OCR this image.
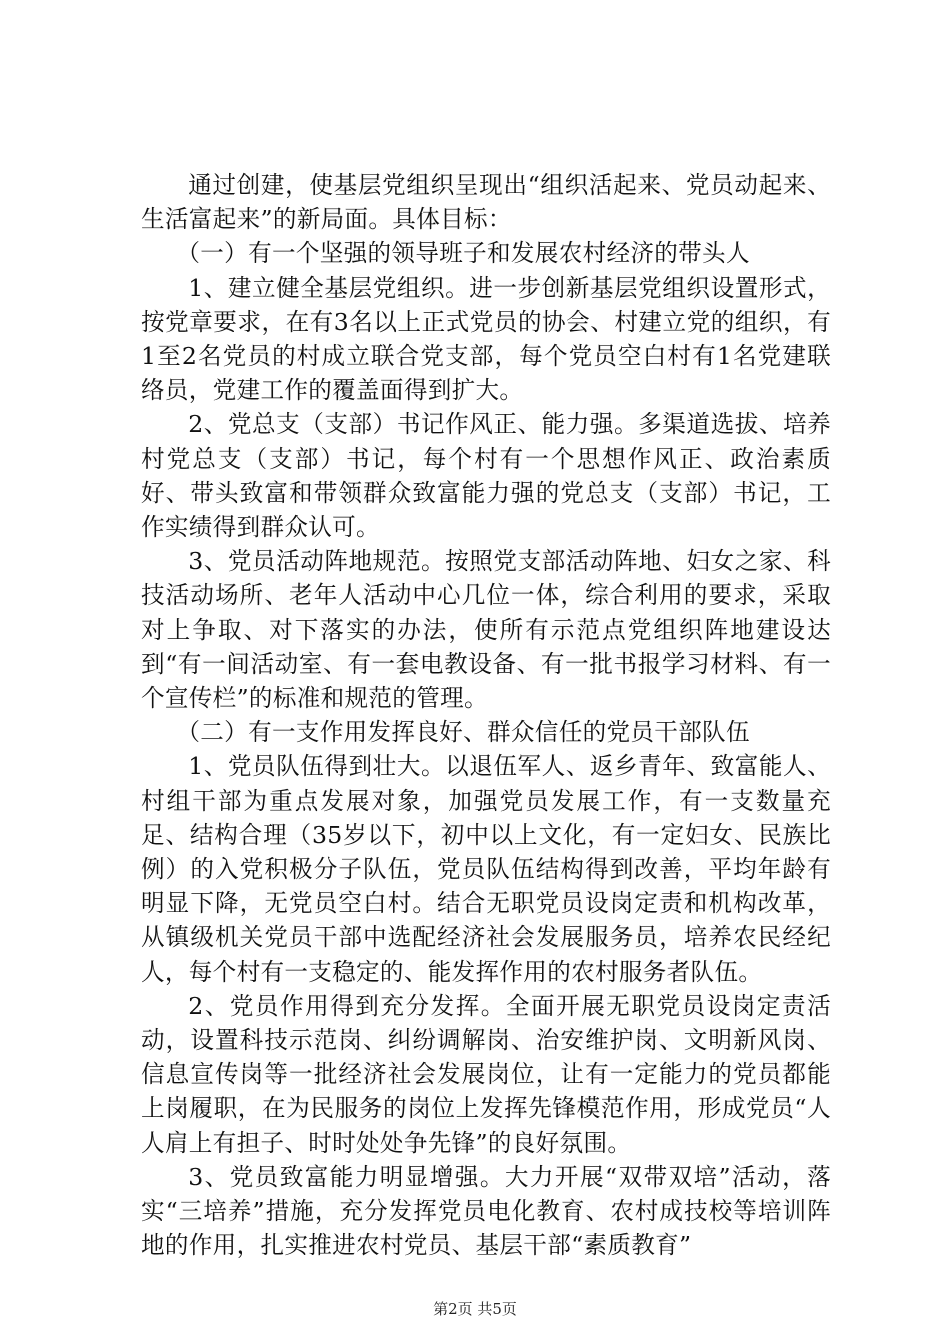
通过创建，使基层党组织呈现出“组织活起来、党员动起来、生活富起来”的新局面。具体目标：

（一）有一个坚强的领导班子和发展农村经济的带头人

1、建立健全基层党组织。进一步创新基层党组织设置形式，按党章要求，在有3名以上正式党员的协会、村建立党的组织，有1至2名党员的村成立联合党支部，每个党员空白村有1名党建联络员，党建工作的覆盖面得到扩大。

2、党总支（支部）书记作风正、能力强。多渠道选拔、培养村党总支（支部）书记，每个村有一个思想作风正、政治素质好、带头致富和带领群众致富能力强的党总支（支部）书记，工作实绩得到群众认可。

3、党员活动阵地规范。按照党支部活动阵地、妇女之家、科技活动场所、老年人活动中心几位一体，综合利用的要求，采取对上争取、对下落实的办法，使所有示范点党组织阵地建设达到“有一间活动室、有一套电教设备、有一批书报学习材料、有一个宣传栏”的标准和规范的管理。

（二）有一支作用发挥良好、群众信任的党员干部队伍

1、党员队伍得到壮大。以退伍军人、返乡青年、致富能人、村组干部为重点发展对象，加强党员发展工作，有一支数量充足、结构合理（35岁以下，初中以上文化，有一定妇女、民族比例）的入党积极分子队伍，党员队伍结构得到改善，平均年龄有明显下降，无党员空白村。结合无职党员设岗定责和机构改革，从镇级机关党员干部中选配经济社会发展服务员，培养农民经纪人，每个村有一支稳定的、能发挥作用的农村服务者队伍。

2、党员作用得到充分发挥。全面开展无职党员设岗定责活动，设置科技示范岗、纠纷调解岗、治安维护岗、文明新风岗、信息宣传岗等一批经济社会发展岗位，让有一定能力的党员都能上岗履职，在为民服务的岗位上发挥先锋模范作用，形成党员“人人肩上有担子、时时处处争先锋”的良好氛围。

3、党员致富能力明显增强。大力开展“双带双培”活动，落实“三培养”措施，充分发挥党员电化教育、农村成技校等培训阵地的作用，扎实推进农村党员、基层干部“素质教育”

第2页 共5页
